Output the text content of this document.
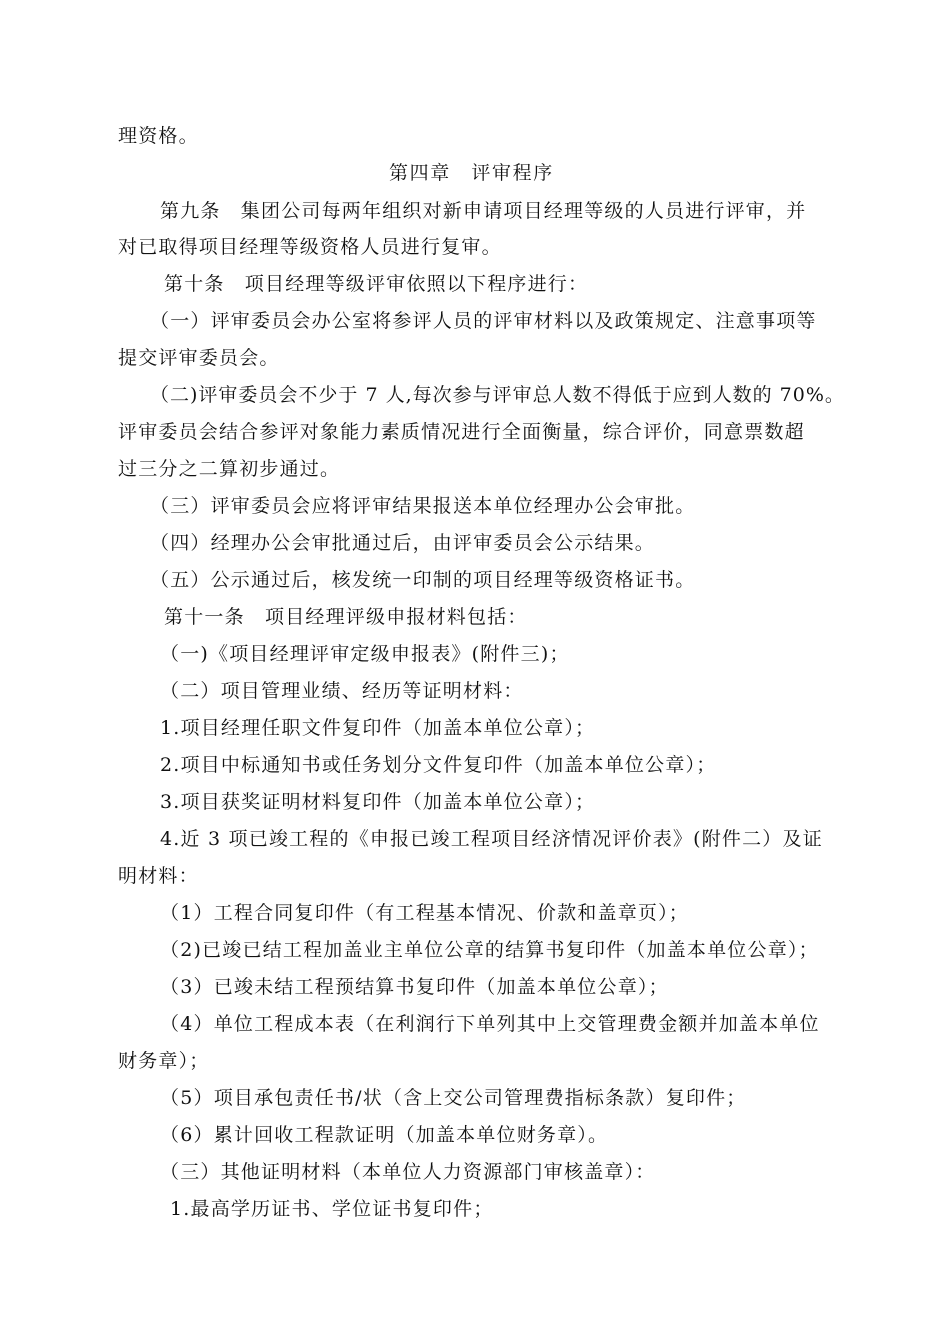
理资格。
第四章　评审程序
第九条　集团公司每两年组织对新申请项目经理等级的人员进行评审，并
对已取得项目经理等级资格人员进行复审。
第十条　项目经理等级评审依照以下程序进行：
（一）评审委员会办公室将参评人员的评审材料以及政策规定、注意事项等
提交评审委员会。
（二)评审委员会不少于 7 人,每次参与评审总人数不得低于应到人数的 70%。
评审委员会结合参评对象能力素质情况进行全面衡量，综合评价，同意票数超
过三分之二算初步通过。
（三）评审委员会应将评审结果报送本单位经理办公会审批。
（四）经理办公会审批通过后，由评审委员会公示结果。
（五）公示通过后，核发统一印制的项目经理等级资格证书。
第十一条　项目经理评级申报材料包括：
（一)《项目经理评审定级申报表》(附件三)；
（二）项目管理业绩、经历等证明材料：
1.项目经理任职文件复印件（加盖本单位公章）；
2.项目中标通知书或任务划分文件复印件（加盖本单位公章）；
3.项目获奖证明材料复印件（加盖本单位公章）；
4.近 3 项已竣工程的《申报已竣工程项目经济情况评价表》(附件二）及证
明材料：
（1）工程合同复印件（有工程基本情况、价款和盖章页）；
（2)已竣已结工程加盖业主单位公章的结算书复印件（加盖本单位公章）；
（3）已竣未结工程预结算书复印件（加盖本单位公章）；
（4）单位工程成本表（在利润行下单列其中上交管理费金额并加盖本单位
财务章）；
（5）项目承包责任书/状（含上交公司管理费指标条款）复印件；
（6）累计回收工程款证明（加盖本单位财务章）。
（三）其他证明材料（本单位人力资源部门审核盖章）：
1.最高学历证书、学位证书复印件；
